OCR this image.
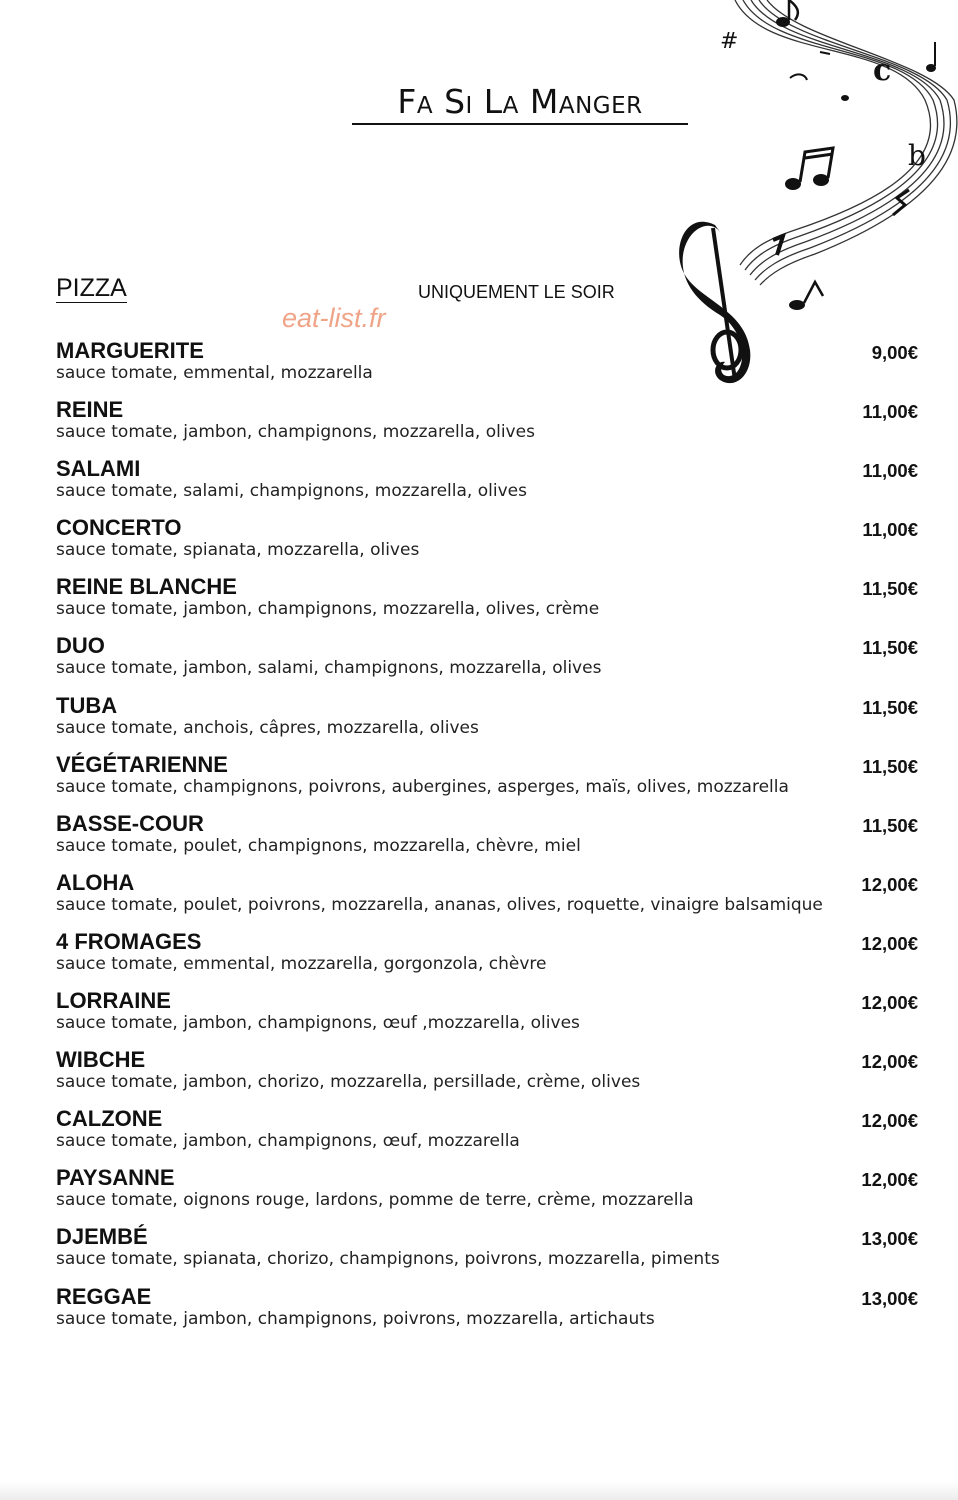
Fa Si La Manger
#
c
b
PIZZA	UNIQUEMENT LE SOIR
eat-list.fr
MARGUERITE
sauce tomate, emmental, mozzarella
9,00€
REINE
sauce tomate, jambon, champignons, mozzarella, olives
11,00€
SALAMI
sauce tomate, salami, champignons, mozzarella, olives
11,00€
CONCERTO
sauce tomate, spianata, mozzarella, olives
11,00€
REINE BLANCHE
sauce tomate, jambon, champignons, mozzarella, olives, crème
11,50€
DUO
sauce tomate, jambon, salami, champignons, mozzarella, olives
11,50€
TUBA
sauce tomate, anchois, câpres, mozzarella, olives
11,50€
VÉGÉTARIENNE
sauce tomate, champignons, poivrons, aubergines, asperges, maïs, olives, mozzarella
11,50€
BASSE-COUR
sauce tomate, poulet, champignons, mozzarella, chèvre, miel
11,50€
ALOHA
sauce tomate, poulet, poivrons, mozzarella, ananas, olives, roquette, vinaigre balsamique
12,00€
4 FROMAGES
sauce tomate, emmental, mozzarella, gorgonzola, chèvre
12,00€
LORRAINE
sauce tomate, jambon, champignons, œuf ,mozzarella, olives
12,00€
WIBCHE
sauce tomate, jambon, chorizo, mozzarella, persillade, crème, olives
12,00€
CALZONE
sauce tomate, jambon, champignons, œuf, mozzarella
12,00€
PAYSANNE
sauce tomate, oignons rouge, lardons, pomme de terre, crème, mozzarella
12,00€
DJEMBÉ
sauce tomate, spianata, chorizo, champignons, poivrons, mozzarella, piments
13,00€
REGGAE
sauce tomate, jambon, champignons, poivrons, mozzarella, artichauts
13,00€
